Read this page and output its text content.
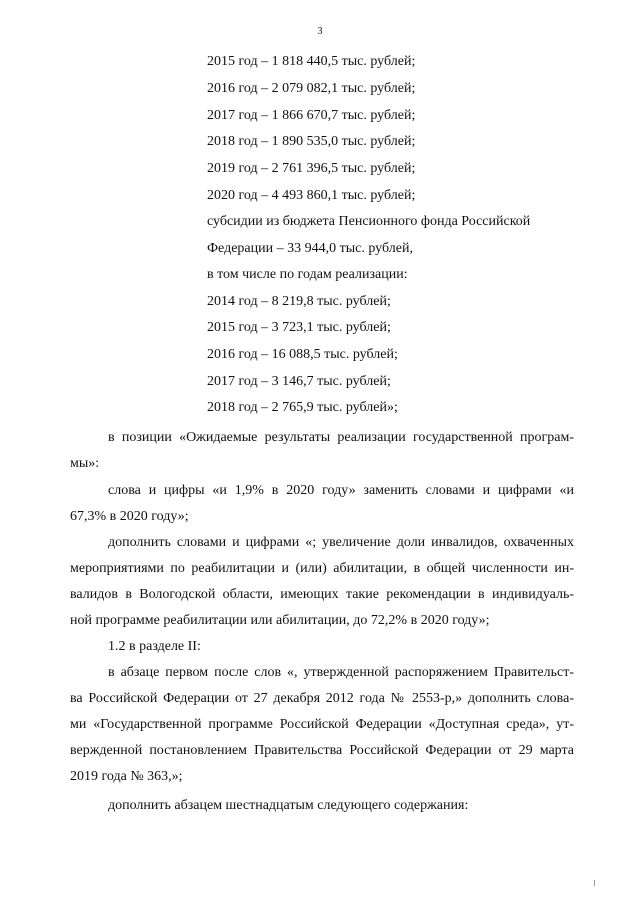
3
2015 год – 1 818 440,5 тыс. рублей;
2016 год – 2 079 082,1 тыс. рублей;
2017 год – 1 866 670,7 тыс. рублей;
2018 год – 1 890 535,0 тыс. рублей;
2019 год – 2 761 396,5 тыс. рублей;
2020 год – 4 493 860,1 тыс. рублей;
субсидии из бюджета Пенсионного фонда Российской
Федерации – 33 944,0 тыс. рублей,
в том числе по годам реализации:
2014 год – 8 219,8 тыс. рублей;
2015 год – 3 723,1 тыс. рублей;
2016 год – 16 088,5 тыс. рублей;
2017 год – 3 146,7 тыс. рублей;
2018 год – 2 765,9 тыс. рублей»;
в позиции «Ожидаемые результаты реализации государственной програм-
мы»:
слова и цифры «и 1,9% в 2020 году» заменить словами и цифрами «и
67,3% в 2020 году»;
дополнить словами и цифрами «; увеличение доли инвалидов, охваченных
мероприятиями по реабилитации и (или) абилитации, в общей численности ин-
валидов в Вологодской области, имеющих такие рекомендации в индивидуаль-
ной программе реабилитации или абилитации, до 72,2% в 2020 году»;
1.2 в разделе II:
в абзаце первом после слов «, утвержденной распоряжением Правительст-
ва Российской Федерации от 27 декабря 2012 года № 2553-р,» дополнить слова-
ми «Государственной программе Российской Федерации «Доступная среда», ут-
вержденной постановлением Правительства Российской Федерации от 29 марта
2019 года № 363,»;
дополнить абзацем шестнадцатым следующего содержания:
